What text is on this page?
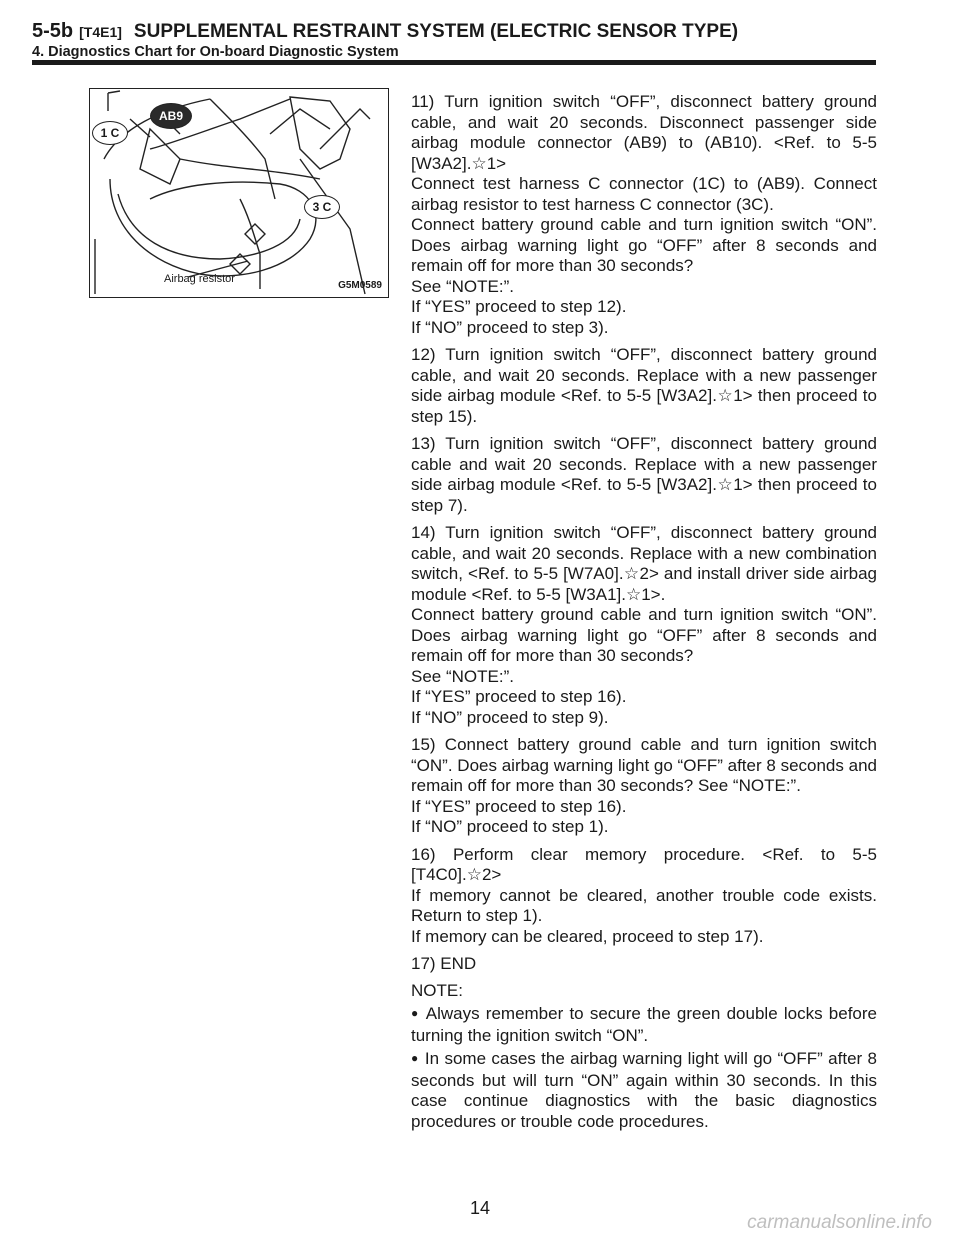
5-5b [T4E1] SUPPLEMENTAL RESTRAINT SYSTEM (ELECTRIC SENSOR TYPE)
4. Diagnostics Chart for On-board Diagnostic System
1 C
AB9
3 C
Airbag resistor
G5M0589

11) Turn ignition switch “OFF”, disconnect battery ground cable, and wait 20 seconds. Disconnect passenger side airbag module connector (AB9) to (AB10). <Ref. to 5-5 [W3A2].☆1>

Connect test harness C connector (1C) to (AB9). Connect airbag resistor to test harness C connector (3C).

Connect battery ground cable and turn ignition switch “ON”. Does airbag warning light go “OFF” after 8 seconds and remain off for more than 30 seconds?

See “NOTE:”.

If “YES” proceed to step 12).

If “NO” proceed to step 3).

12) Turn ignition switch “OFF”, disconnect battery ground cable, and wait 20 seconds. Replace with a new passenger side airbag module <Ref. to 5-5 [W3A2].☆1> then proceed to step 15).

13) Turn ignition switch “OFF”, disconnect battery ground cable and wait 20 seconds. Replace with a new passenger side airbag module <Ref. to 5-5 [W3A2].☆1> then proceed to step 7).

14) Turn ignition switch “OFF”, disconnect battery ground cable, and wait 20 seconds. Replace with a new combination switch, <Ref. to 5-5 [W7A0].☆2> and install driver side airbag module <Ref. to 5-5 [W3A1].☆1>.

Connect battery ground cable and turn ignition switch “ON”. Does airbag warning light go “OFF” after 8 seconds and remain off for more than 30 seconds?

See “NOTE:”.

If “YES” proceed to step 16).

If “NO” proceed to step 9).

15) Connect battery ground cable and turn ignition switch “ON”. Does airbag warning light go “OFF” after 8 seconds and remain off for more than 30 seconds? See “NOTE:”.

If “YES” proceed to step 16).

If “NO” proceed to step 1).

16) Perform clear memory procedure. <Ref. to 5-5 [T4C0].☆2>

If memory cannot be cleared, another trouble code exists. Return to step 1).

If memory can be cleared, proceed to step 17).

17) END

NOTE:

● Always remember to secure the green double locks before turning the ignition switch “ON”.

● In some cases the airbag warning light will go “OFF” after 8 seconds but will turn “ON” again within 30 seconds. In this case continue diagnostics with the basic diagnostics procedures or trouble code procedures.

14
carmanualsonline.info
